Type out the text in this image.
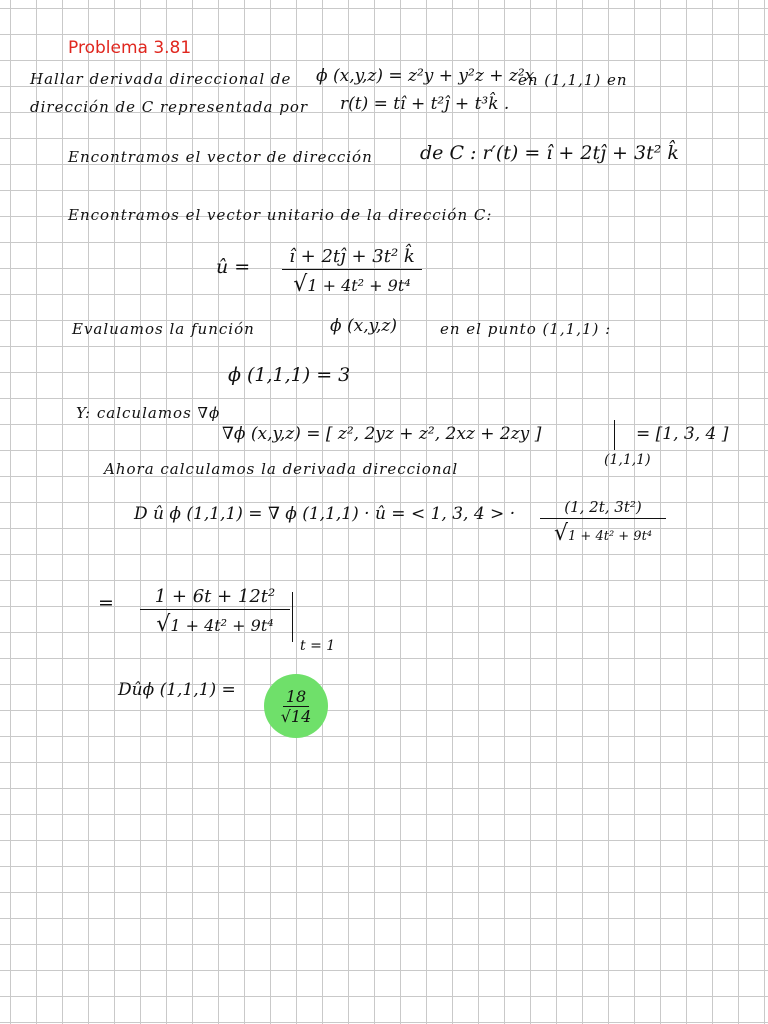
Problema 3.81
Hallar derivada direccional de ϕ (x,y,z) = z²y + y²z + z²x
en (1,1,1) en
dirección de C representada por r(t) = tî + t²ĵ + t³k̂ .
Encontramos el vector de dirección de C : r′(t) = î + 2tĵ + 3t² k̂
Encontramos el vector unitario de la dirección C:
û = $\frac{\text{î + 2tĵ + 3t² k̂}}{\text{√1 + 4t² + 9t⁴}}$
Evaluamos la función	ϕ (x,y,z)	en el punto (1,1,1) :
ϕ (1,1,1) = 3
Y: calculamos ∇ϕ
∇ϕ (x,y,z) = [ z², 2yz + z², 2xz + 2zy ]
(1,1,1)
= [1, 3, 4 ]
Ahora calculamos la derivada direccional
D û ϕ (1,1,1) = ∇ ϕ (1,1,1) · û = < 1, 3, 4 > · $\frac{\text{(1, 2t, 3t²)}}{\text{√1 + 4t² + 9t⁴}}$
= $\frac{\text{1 + 6t + 12t²}}{\text{√1 + 4t² + 9t⁴}}$
t = 1
Dûϕ $(1,1,1) = \frac{18}{√14}$
